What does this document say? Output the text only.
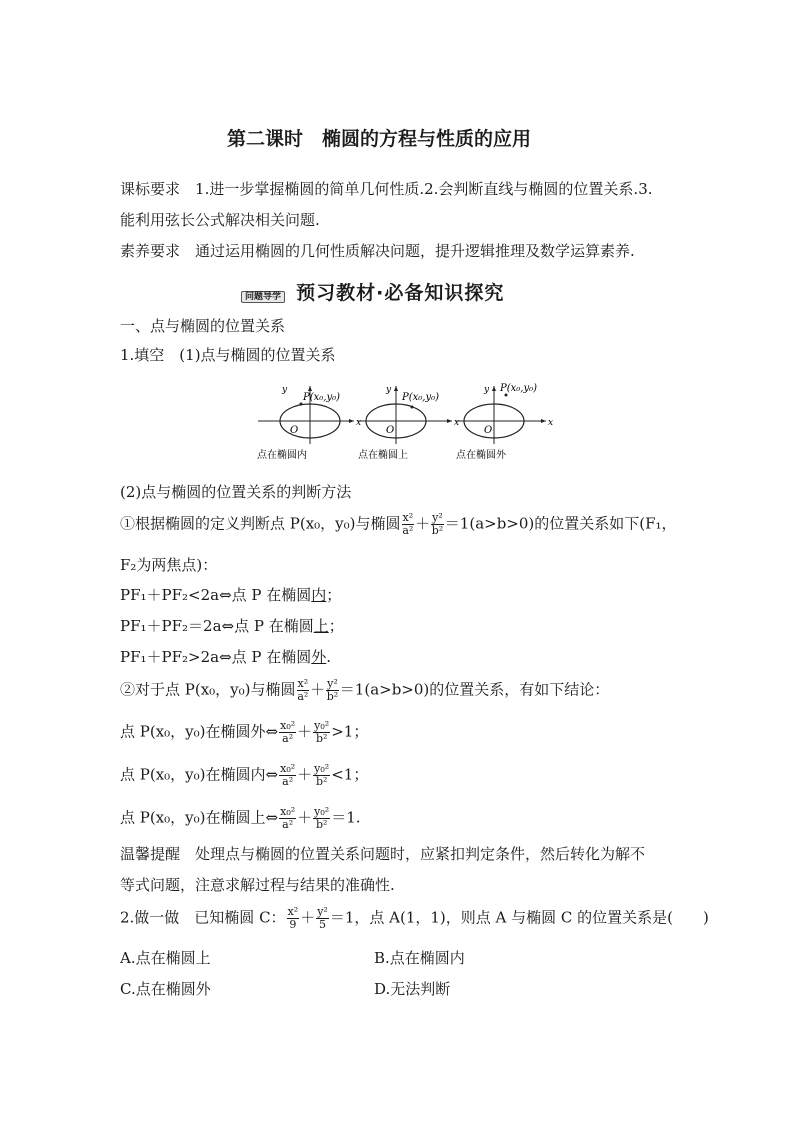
第二课时　椭圆的方程与性质的应用
课标要求　 1.进一步掌握椭圆的简单几何性质.2.会判断直线与椭圆的位置关系.3.
能利用弦长公式解决相关问题.
素养要求　 通过运用椭圆的几何性质解决问题，提升逻辑推理及数学运算素养.
问题导学 预习教材·必备知识探究
一、点与椭圆的位置关系
1.填空　(1)点与椭圆的位置关系
y
x
O
P(x₀,y₀)
点在椭圆内
y
x
O
P(x₀,y₀)
点在椭圆上
y
x
O
P(x₀,y₀)
点在椭圆外
(2)点与椭圆的位置关系的判断方法
①根据椭圆的定义判断点 P(x₀，y₀)与椭圆 $\frac{\text{x²}}{\text{a²}} + \frac{\text{y²}}{\text{b²}} =1(a>b>0)$的位置关系如下(F₁，
F₂为两焦点)：
PF₁＋PF₂<2a⇔点 P 在椭圆内；
PF₁＋PF₂＝2a⇔点 P 在椭圆上；
PF₁＋PF₂>2a⇔点 P 在椭圆外.
②对于点 P(x₀，y₀)与椭圆 $\frac{\text{x²}}{\text{a²}} + \frac{\text{y²}}{\text{b²}} =1(a>b>0)$的位置关系，有如下结论：
点 P(x₀，y₀)在椭圆外⇔ $\frac{\text{x₀²}}{\text{a²}} + \frac{\text{y₀²}}{\text{b²}} >1$；
点 P(x₀，y₀)在椭圆内⇔ $\frac{\text{x₀²}}{\text{a²}} + \frac{\text{y₀²}}{\text{b²}} <1$；
点 P(x₀，y₀)在椭圆上⇔ $\frac{\text{x₀²}}{\text{a²}} + \frac{\text{y₀²}}{\text{b²}} =1$.
温馨提醒　 处理点与椭圆的位置关系问题时，应紧扣判定条件，然后转化为解不
等式问题，注意求解过程与结果的准确性.
2.做一做　已知椭圆 C： $\frac{\text{x²}}{9} + \frac{\text{y²}}{5} =1$，点 A(1，1)，则点 A 与椭圆 C 的位置关系是(　　)
A.点在椭圆上	B.点在椭圆内
C.点在椭圆外	D.无法判断
